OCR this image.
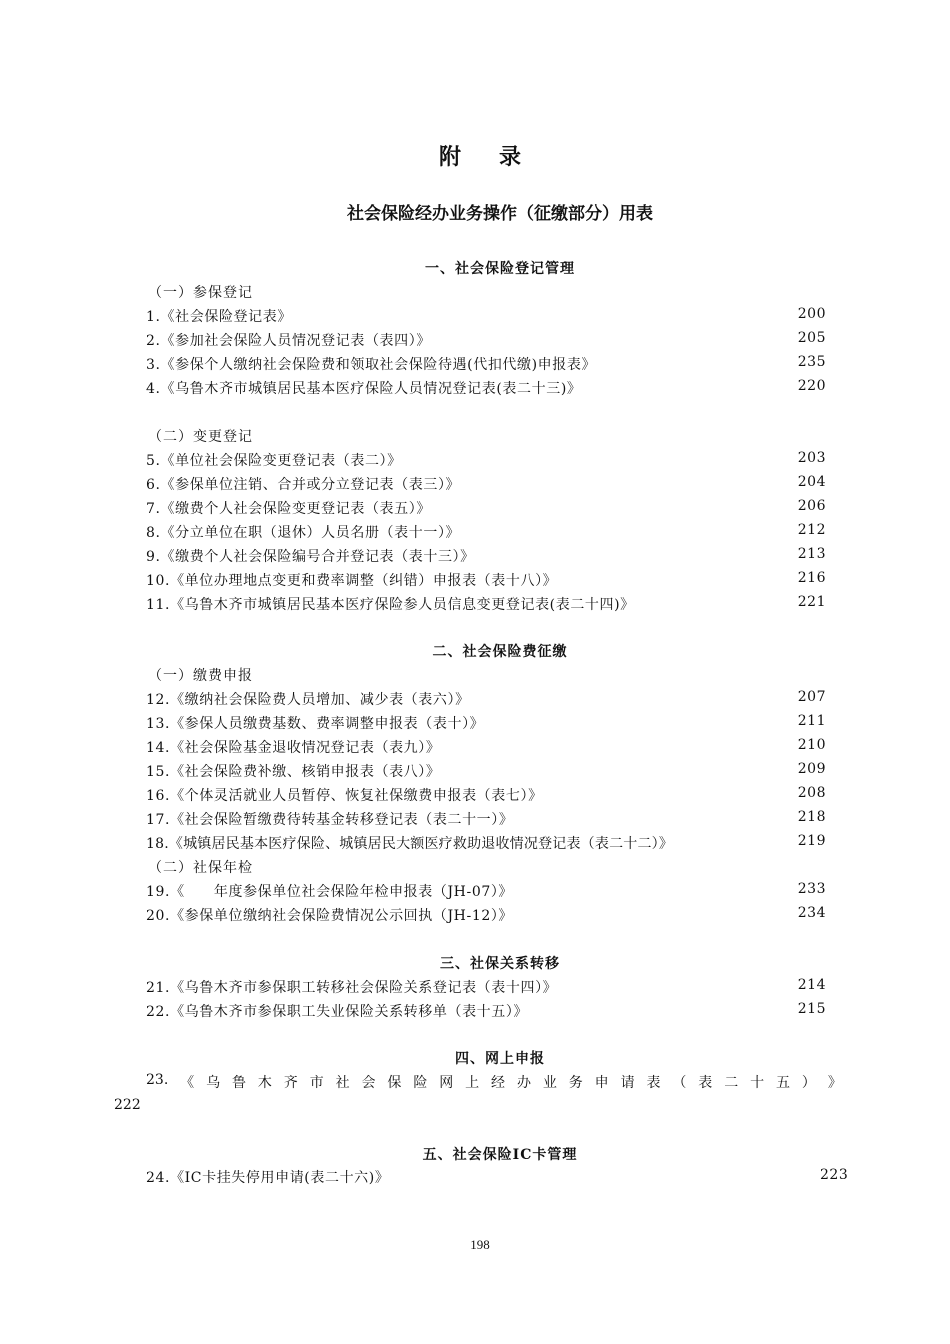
附录
社会保险经办业务操作（征缴部分）用表
一、社会保险登记管理
（一）参保登记
1.《社会保险登记表》	200
2.《参加社会保险人员情况登记表（表四）》	205
3.《参保个人缴纳社会保险费和领取社会保险待遇(代扣代缴)申报表》	235
4.《乌鲁木齐市城镇居民基本医疗保险人员情况登记表(表二十三)》	220
（二）变更登记
5.《单位社会保险变更登记表（表二）》	203
6.《参保单位注销、合并或分立登记表（表三）》	204
7.《缴费个人社会保险变更登记表（表五）》	206
8.《分立单位在职（退休）人员名册（表十一）》	212
9.《缴费个人社会保险编号合并登记表（表十三）》	213
10.《单位办理地点变更和费率调整（纠错）申报表（表十八）》	216
11.《乌鲁木齐市城镇居民基本医疗保险参人员信息变更登记表(表二十四)》	221
二、社会保险费征缴
（一）缴费申报
12.《缴纳社会保险费人员增加、减少表（表六）》	207
13.《参保人员缴费基数、费率调整申报表（表十）》	211
14.《社会保险基金退收情况登记表（表九）》	210
15.《社会保险费补缴、核销申报表（表八）》	209
16.《个体灵活就业人员暂停、恢复社保缴费申报表（表七）》	208
17.《社会保险暂缴费待转基金转移登记表（表二十一）》	218
18.《城镇居民基本医疗保险、城镇居民大额医疗救助退收情况登记表（表二十二）》	219
（二）社保年检
19.《　　年度参保单位社会保险年检申报表（JH-07）》	233
20.《参保单位缴纳社会保险费情况公示回执（JH-12）》	234
三、社保关系转移
21.《乌鲁木齐市参保职工转移社会保险关系登记表（表十四）》	214
22.《乌鲁木齐市参保职工失业保险关系转移单（表十五）》	215
四、网上申报
23. 《 乌 鲁 木 齐 市 社 会 保 险 网 上 经 办 业 务 申 请 表 （ 表 二 十 五 ） 》
222
五、社会保险IC卡管理
24.《IC卡挂失停用申请(表二十六)》	223
198
